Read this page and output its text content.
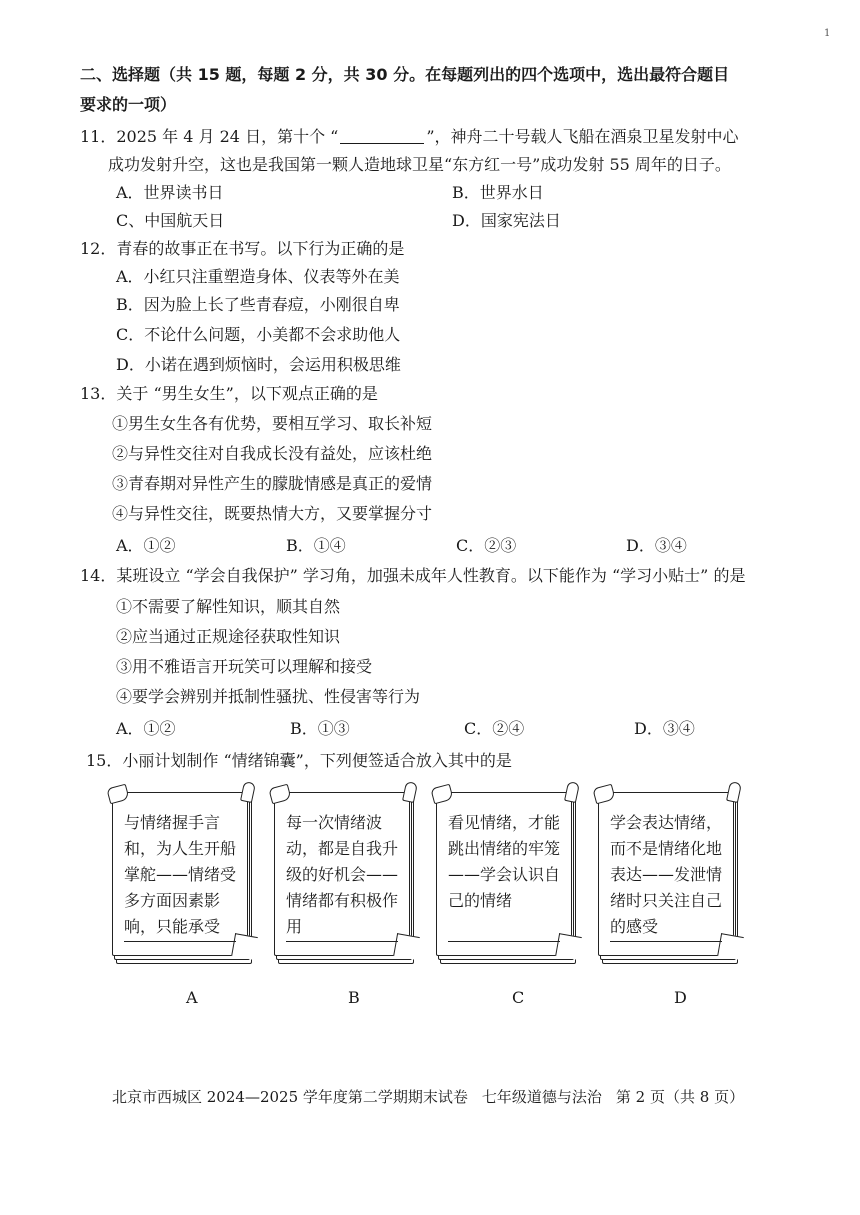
1
二、选择题（共 15 题，每题 2 分，共 30 分。在每题列出的四个选项中，选出最符合题目
要求的一项）
11．2025 年 4 月 24 日，第十个 “	”，神舟二十号载人飞船在酒泉卫星发射中心
成功发射升空，这也是我国第一颗人造地球卫星“东方红一号”成功发射 55 周年的日子。
A．世界读书日	B．世界水日
C、中国航天日	D．国家宪法日
12．青春的故事正在书写。以下行为正确的是
A．小红只注重塑造身体、仪表等外在美
B．因为脸上长了些青春痘，小刚很自卑
C．不论什么问题，小美都不会求助他人
D．小诺在遇到烦恼时，会运用积极思维
13．关于 “男生女生”，以下观点正确的是
①男生女生各有优势，要相互学习、取长补短
②与异性交往对自我成长没有益处，应该杜绝
③青春期对异性产生的朦胧情感是真正的爱情
④与异性交往，既要热情大方，又要掌握分寸
A．①②	B．①④	C．②③	D．③④
14．某班设立 “学会自我保护” 学习角，加强未成年人性教育。以下能作为 “学习小贴士” 的是
①不需要了解性知识，顺其自然
②应当通过正规途径获取性知识
③用不雅语言开玩笑可以理解和接受
④要学会辨别并抵制性骚扰、性侵害等行为
A．①②	B．①③	C．②④	D．③④
15．小丽计划制作 “情绪锦囊”，下列便签适合放入其中的是
与情绪握手言和，为人生开船掌舵——情绪受多方面因素影响，只能承受
A
每一次情绪波动，都是自我升级的好机会——情绪都有积极作用
B
看见情绪，才能跳出情绪的牢笼——学会认识自己的情绪
C
学会表达情绪，而不是情绪化地表达——发泄情绪时只关注自己的感受
D
北京市西城区 2024—2025 学年度第二学期期末试卷 七年级道德与法治 第 2 页（共 8 页）
